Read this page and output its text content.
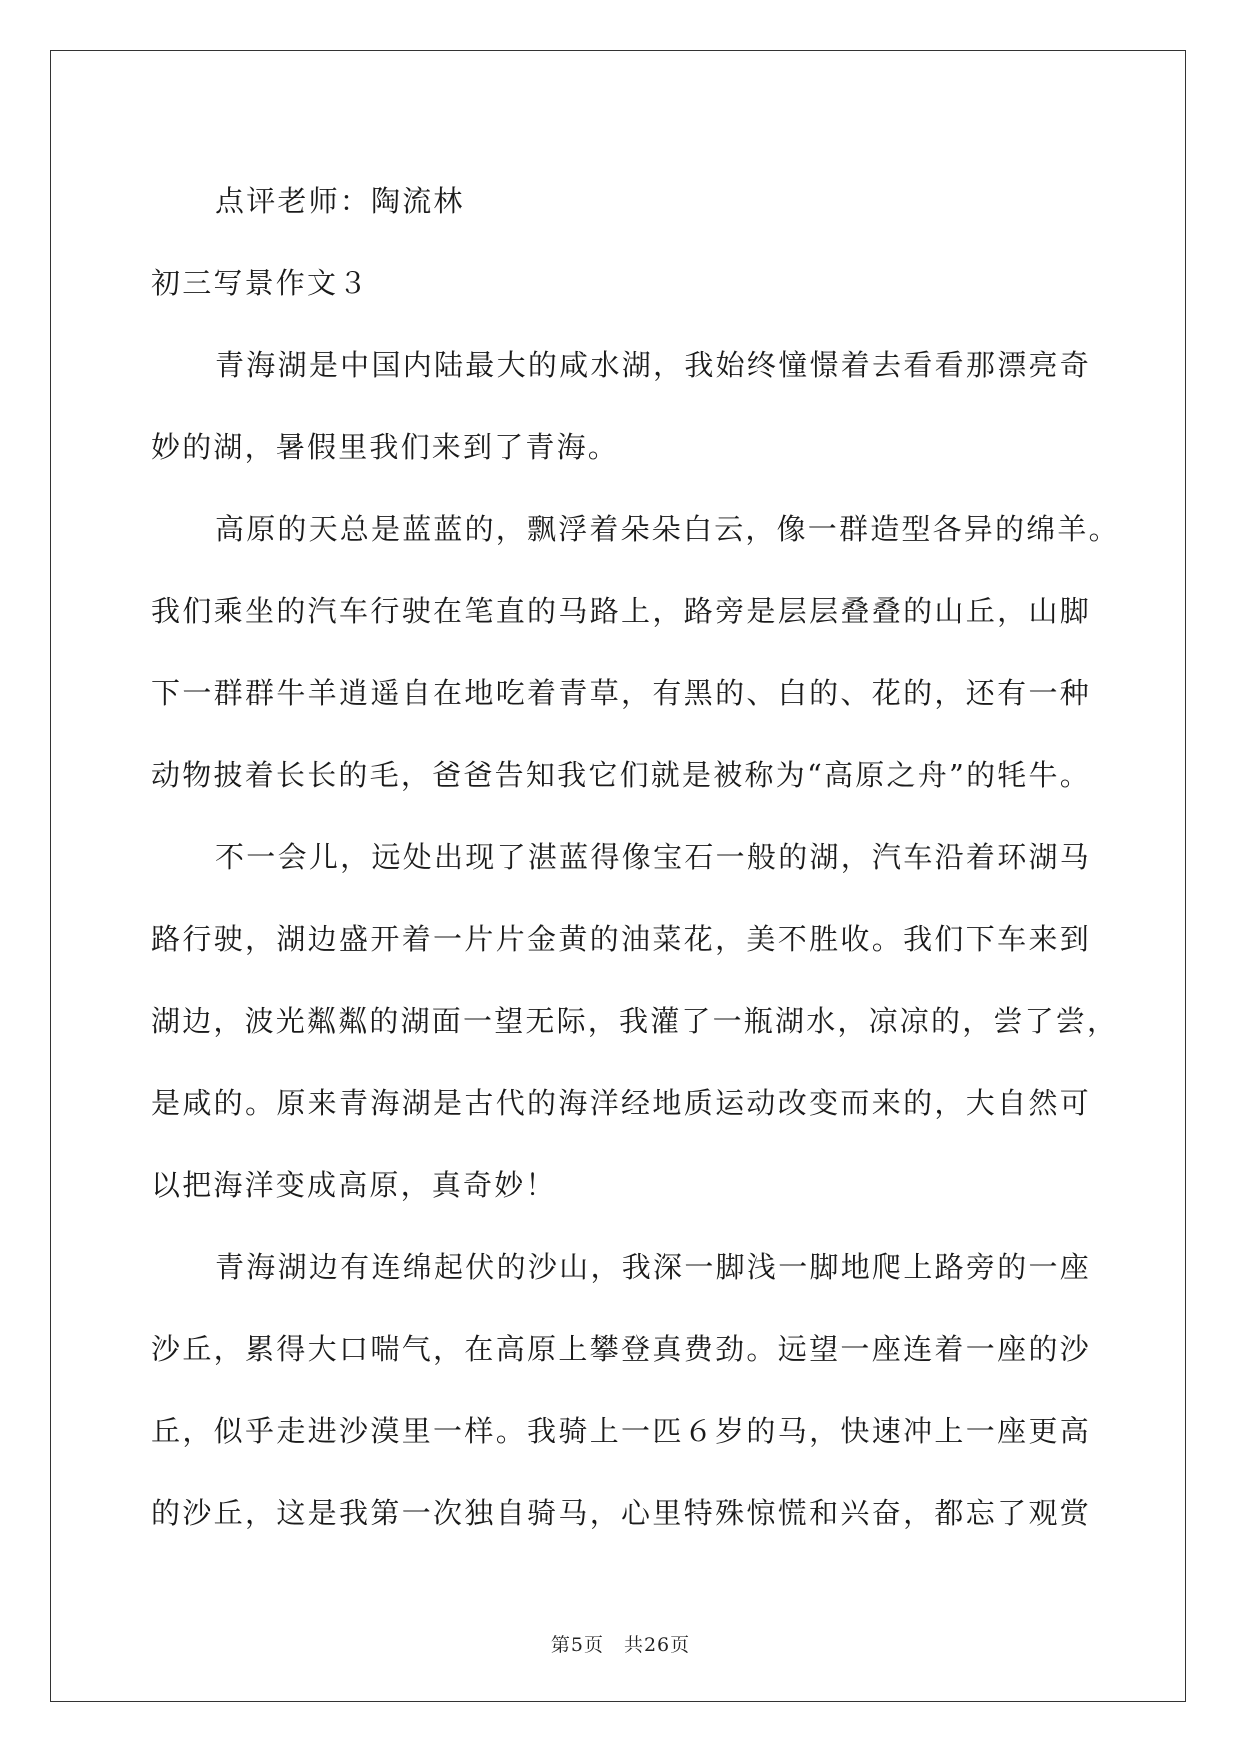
点评老师：陶流林
初三写景作文３
青海湖是中国内陆最大的咸水湖，我始终憧憬着去看看那漂亮奇
妙的湖，暑假里我们来到了青海。
高原的天总是蓝蓝的，飘浮着朵朵白云，像一群造型各异的绵羊。
我们乘坐的汽车行驶在笔直的马路上，路旁是层层叠叠的山丘，山脚
下一群群牛羊逍遥自在地吃着青草，有黑的、白的、花的，还有一种
动物披着长长的毛，爸爸告知我它们就是被称为“高原之舟”的牦牛。
不一会儿，远处出现了湛蓝得像宝石一般的湖，汽车沿着环湖马
路行驶，湖边盛开着一片片金黄的油菜花，美不胜收。我们下车来到
湖边，波光粼粼的湖面一望无际，我灌了一瓶湖水，凉凉的，尝了尝，
是咸的。原来青海湖是古代的海洋经地质运动改变而来的，大自然可
以把海洋变成高原，真奇妙！
青海湖边有连绵起伏的沙山，我深一脚浅一脚地爬上路旁的一座
沙丘，累得大口喘气，在高原上攀登真费劲。远望一座连着一座的沙
丘，似乎走进沙漠里一样。我骑上一匹６岁的马，快速冲上一座更高
的沙丘，这是我第一次独自骑马，心里特殊惊慌和兴奋，都忘了观赏
第5页　共26页
